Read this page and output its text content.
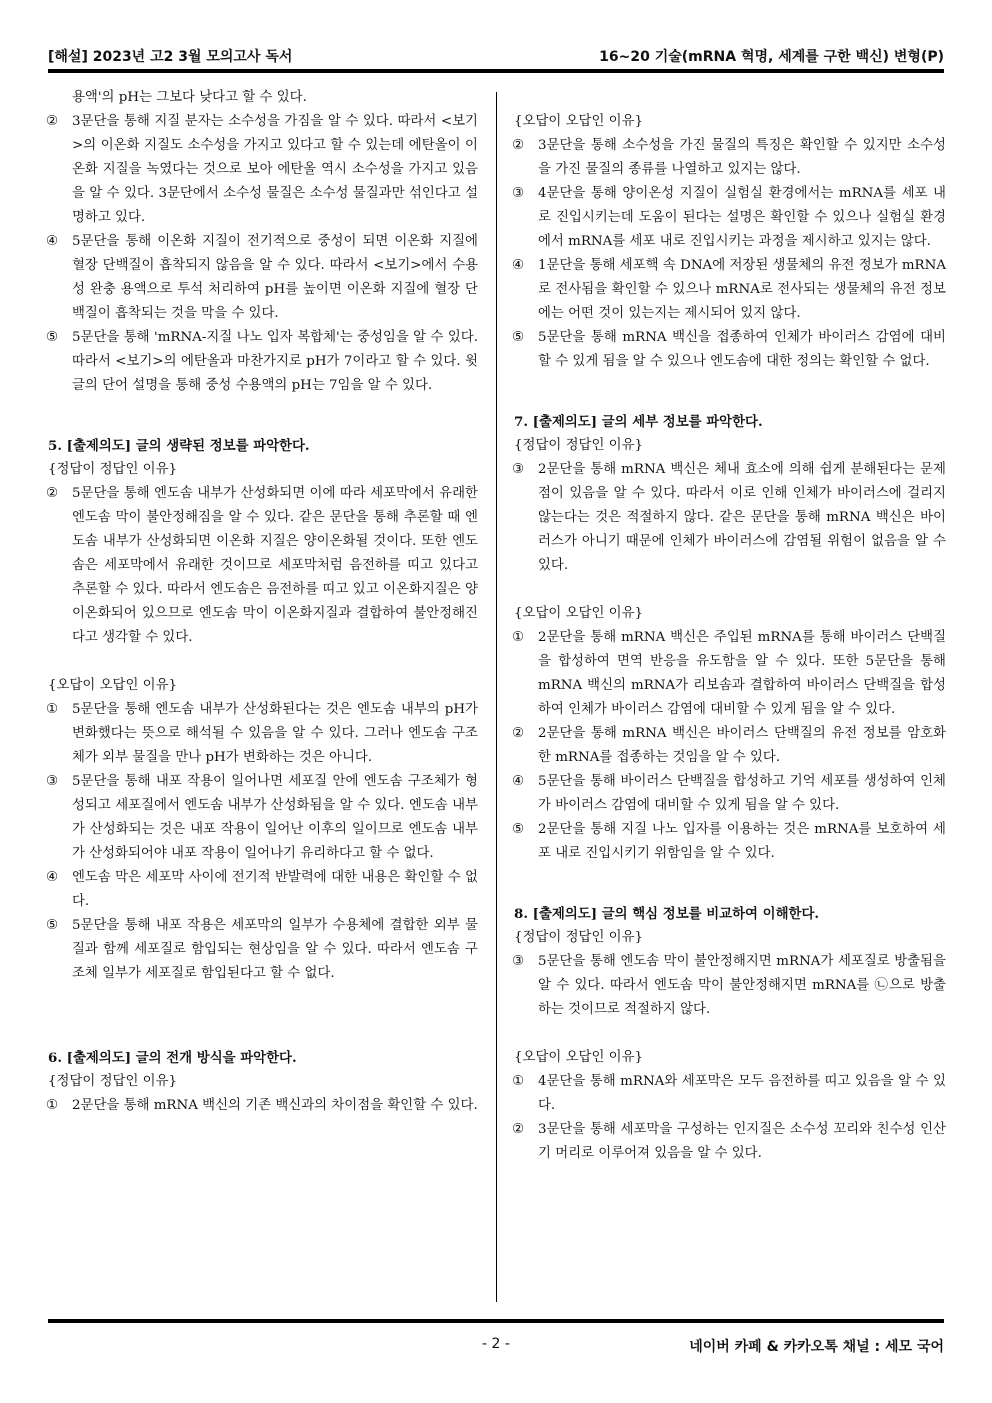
[해설] 2023년 고2 3월 모의고사 독서	16~20 기술(mRNA 혁명, 세계를 구한 백신) 변형(P)

용액'의 pH는 그보다 낮다고 할 수 있다.

②	3문단을 통해 지질 분자는 소수성을 가짐을 알 수 있다. 따라서 <보기>의 이온화 지질도 소수성을 가지고 있다고 할 수 있는데 에탄올이 이온화 지질을 녹였다는 것으로 보아 에탄올 역시 소수성을 가지고 있음을 알 수 있다. 3문단에서 소수성 물질은 소수성 물질과만 섞인다고 설명하고 있다.
④	5문단을 통해 이온화 지질이 전기적으로 중성이 되면 이온화 지질에 혈장 단백질이 흡착되지 않음을 알 수 있다. 따라서 <보기>에서 수용성 완충 용액으로 투석 처리하여 pH를 높이면 이온화 지질에 혈장 단백질이 흡착되는 것을 막을 수 있다.
⑤	5문단을 통해 'mRNA-지질 나노 입자 복합체'는 중성임을 알 수 있다. 따라서 <보기>의 에탄올과 마찬가지로 pH가 7이라고 할 수 있다. 윗글의 단어 설명을 통해 중성 수용액의 pH는 7임을 알 수 있다.

5. [출제의도] 글의 생략된 정보를 파악한다.

{정답이 정답인 이유}

②	5문단을 통해 엔도솜 내부가 산성화되면 이에 따라 세포막에서 유래한 엔도솜 막이 불안정해짐을 알 수 있다. 같은 문단을 통해 추론할 때 엔도솜 내부가 산성화되면 이온화 지질은 양이온화될 것이다. 또한 엔도솜은 세포막에서 유래한 것이므로 세포막처럼 음전하를 띠고 있다고 추론할 수 있다. 따라서 엔도솜은 음전하를 띠고 있고 이온화지질은 양이온화되어 있으므로 엔도솜 막이 이온화지질과 결합하여 불안정해진다고 생각할 수 있다.

{오답이 오답인 이유}

①	5문단을 통해 엔도솜 내부가 산성화된다는 것은 엔도솜 내부의 pH가 변화했다는 뜻으로 해석될 수 있음을 알 수 있다. 그러나 엔도솜 구조체가 외부 물질을 만나 pH가 변화하는 것은 아니다.
③	5문단을 통해 내포 작용이 일어나면 세포질 안에 엔도솜 구조체가 형성되고 세포질에서 엔도솜 내부가 산성화됨을 알 수 있다. 엔도솜 내부가 산성화되는 것은 내포 작용이 일어난 이후의 일이므로 엔도솜 내부가 산성화되어야 내포 작용이 일어나기 유리하다고 할 수 없다.
④	엔도솜 막은 세포막 사이에 전기적 반발력에 대한 내용은 확인할 수 없다.
⑤	5문단을 통해 내포 작용은 세포막의 일부가 수용체에 결합한 외부 물질과 함께 세포질로 함입되는 현상임을 알 수 있다. 따라서 엔도솜 구조체 일부가 세포질로 함입된다고 할 수 없다.

6. [출제의도] 글의 전개 방식을 파악한다.

{정답이 정답인 이유}

①	2문단을 통해 mRNA 백신의 기존 백신과의 차이점을 확인할 수 있다.

{오답이 오답인 이유}

②	3문단을 통해 소수성을 가진 물질의 특징은 확인할 수 있지만 소수성을 가진 물질의 종류를 나열하고 있지는 않다.
③	4문단을 통해 양이온성 지질이 실험실 환경에서는 mRNA를 세포 내로 진입시키는데 도움이 된다는 설명은 확인할 수 있으나 실험실 환경에서 mRNA를 세포 내로 진입시키는 과정을 제시하고 있지는 않다.
④	1문단을 통해 세포핵 속 DNA에 저장된 생물체의 유전 정보가 mRNA로 전사됨을 확인할 수 있으나 mRNA로 전사되는 생물체의 유전 정보에는 어떤 것이 있는지는 제시되어 있지 않다.
⑤	5문단을 통해 mRNA 백신을 접종하여 인체가 바이러스 감염에 대비할 수 있게 됨을 알 수 있으나 엔도솜에 대한 정의는 확인할 수 없다.

7. [출제의도] 글의 세부 정보를 파악한다.

{정답이 정답인 이유}

③	2문단을 통해 mRNA 백신은 체내 효소에 의해 쉽게 분해된다는 문제점이 있음을 알 수 있다. 따라서 이로 인해 인체가 바이러스에 걸리지 않는다는 것은 적절하지 않다. 같은 문단을 통해 mRNA 백신은 바이러스가 아니기 때문에 인체가 바이러스에 감염될 위험이 없음을 알 수 있다.

{오답이 오답인 이유}

①	2문단을 통해 mRNA 백신은 주입된 mRNA를 통해 바이러스 단백질을 합성하여 면역 반응을 유도함을 알 수 있다. 또한 5문단을 통해 mRNA 백신의 mRNA가 리보솜과 결합하여 바이러스 단백질을 합성하여 인체가 바이러스 감염에 대비할 수 있게 됨을 알 수 있다.
②	2문단을 통해 mRNA 백신은 바이러스 단백질의 유전 정보를 암호화한 mRNA를 접종하는 것임을 알 수 있다.
④	5문단을 통해 바이러스 단백질을 합성하고 기억 세포를 생성하여 인체가 바이러스 감염에 대비할 수 있게 됨을 알 수 있다.
⑤	2문단을 통해 지질 나노 입자를 이용하는 것은 mRNA를 보호하여 세포 내로 진입시키기 위함임을 알 수 있다.

8. [출제의도] 글의 핵심 정보를 비교하여 이해한다.

{정답이 정답인 이유}

③	5문단을 통해 엔도솜 막이 불안정해지면 mRNA가 세포질로 방출됨을 알 수 있다. 따라서 엔도솜 막이 불안정해지면 mRNA를 ㉡으로 방출하는 것이므로 적절하지 않다.

{오답이 오답인 이유}

①	4문단을 통해 mRNA와 세포막은 모두 음전하를 띠고 있음을 알 수 있다.
②	3문단을 통해 세포막을 구성하는 인지질은 소수성 꼬리와 친수성 인산기 머리로 이루어져 있음을 알 수 있다.
- 2 -	네이버 카페 & 카카오톡 채널 : 세모 국어
